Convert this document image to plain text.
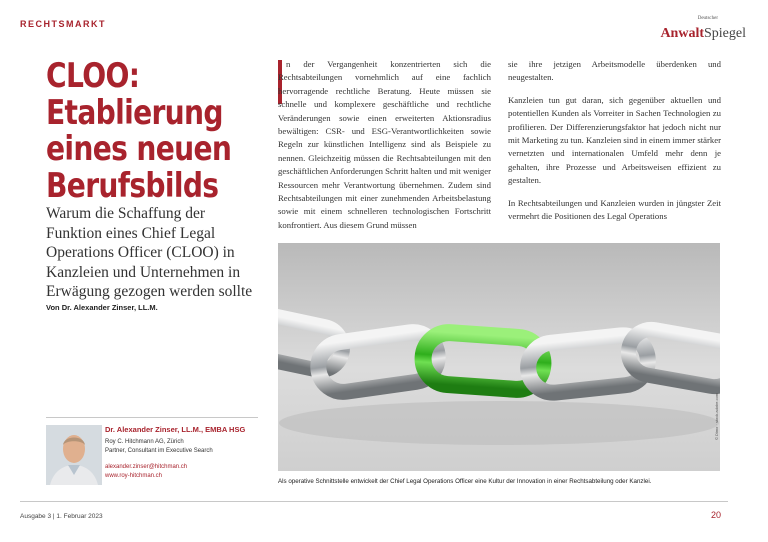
RECHTSMARKT
Deutscher
AnwaltSpiegel
CLOO:
Etablierung
eines neuen
Berufsbilds
Warum die Schaffung der Funktion eines Chief Legal Operations Officer (CLOO) in Kanzleien und Unternehmen in Erwägung gezogen werden sollte
Von Dr. Alexander Zinser, LL.M.

n der Vergangenheit konzentrierten sich die Rechtsabteilungen vornehmlich auf eine fachlich hervorragende rechtliche Beratung. Heute müssen sie schnelle und komplexere geschäftliche und rechtliche Veränderungen sowie einen erweiterten Aktionsradius bewältigen: CSR- und ESG-Verantwortlichkeiten sowie Regeln zur künstlichen Intelligenz sind als Beispiele zu nennen. Gleichzeitig müssen die Rechtsabteilungen mit den geschäftlichen Anforderungen Schritt halten und mit weniger Ressourcen mehr Verantwortung übernehmen. Zudem sind Rechtsabteilungen mit einer zunehmenden Arbeitsbelastung sowie mit einem schnelleren technologischen Fortschritt konfrontiert. Aus diesem Grund müssen

sie ihre jetzigen Arbeitsmodelle überdenken und neugestalten.

Kanzleien tun gut daran, sich gegenüber aktuellen und potentiellen Kunden als Vorreiter in Sachen Technologien zu profilieren. Der Differenzierungsfaktor hat jedoch nicht nur mit Marketing zu tun. Kanzleien sind in einem immer stärker vernetzten und internationalen Umfeld mehr denn je gehalten, ihre Prozesse und Arbeitsweisen effizient zu gestalten.

In Rechtsabteilungen und Kanzleien wurden in jüngster Zeit vermehrt die Positionen des Legal Operations

© Dimo · stock.adobe.com
Als operative Schnittstelle entwickelt der Chief Legal Operations Officer eine Kultur der Innovation in einer Rechtsabteilung oder Kanzlei.
Dr. Alexander Zinser, LL.M., EMBA HSG
Roy C. Hitchmann AG, Zürich
Partner, Consultant im Executive Search
alexander.zinser@hitchman.ch
www.roy-hitchman.ch
Ausgabe 3 | 1. Februar 2023	20
